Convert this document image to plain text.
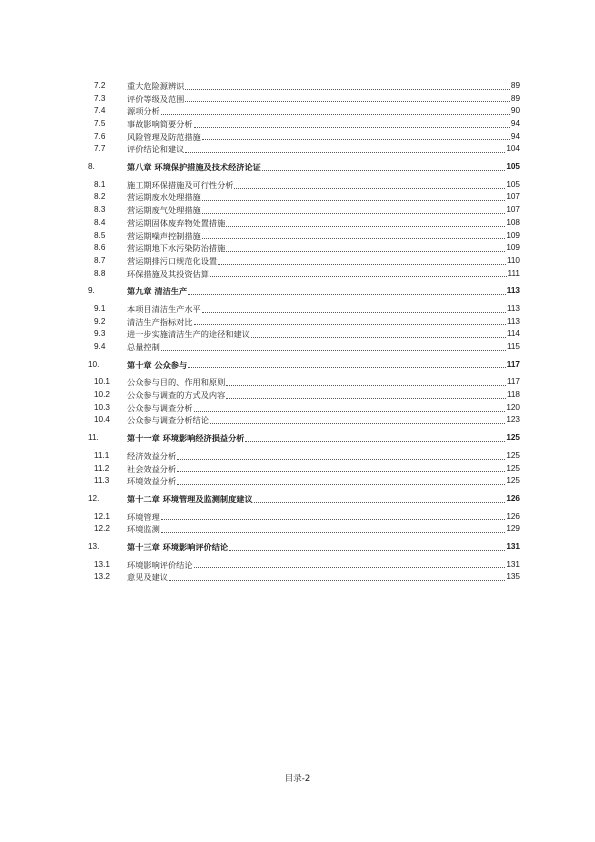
7.2	重大危险源辨识	89
7.3	评价等级及范围	89
7.4	源项分析	90
7.5	事故影响简要分析	94
7.6	风险管理及防范措施	94
7.7	评价结论和建议	104
8.	第八章 环境保护措施及技术经济论证	105
8.1	施工期环保措施及可行性分析	105
8.2	营运期废水处理措施	107
8.3	营运期废气处理措施	107
8.4	营运期固体废弃物处置措施	108
8.5	营运期噪声控制措施	109
8.6	营运期地下水污染防治措施	109
8.7	营运期排污口规范化设置	110
8.8	环保措施及其投资估算	111
9.	第九章 清洁生产	113
9.1	本项目清洁生产水平	113
9.2	清洁生产指标对比	113
9.3	进一步实施清洁生产的途径和建议	114
9.4	总量控制	115
10.	第十章 公众参与	117
10.1	公众参与目的、作用和原则	117
10.2	公众参与调查的方式及内容	118
10.3	公众参与调查分析	120
10.4	公众参与调查分析结论	123
11.	第十一章 环境影响经济损益分析	125
11.1	经济效益分析	125
11.2	社会效益分析	125
11.3	环境效益分析	125
12.	第十二章 环境管理及监测制度建议	126
12.1	环境管理	126
12.2	环境监测	129
13.	第十三章 环境影响评价结论	131
13.1	环境影响评价结论	131
13.2	意见及建议	135
目录-2
